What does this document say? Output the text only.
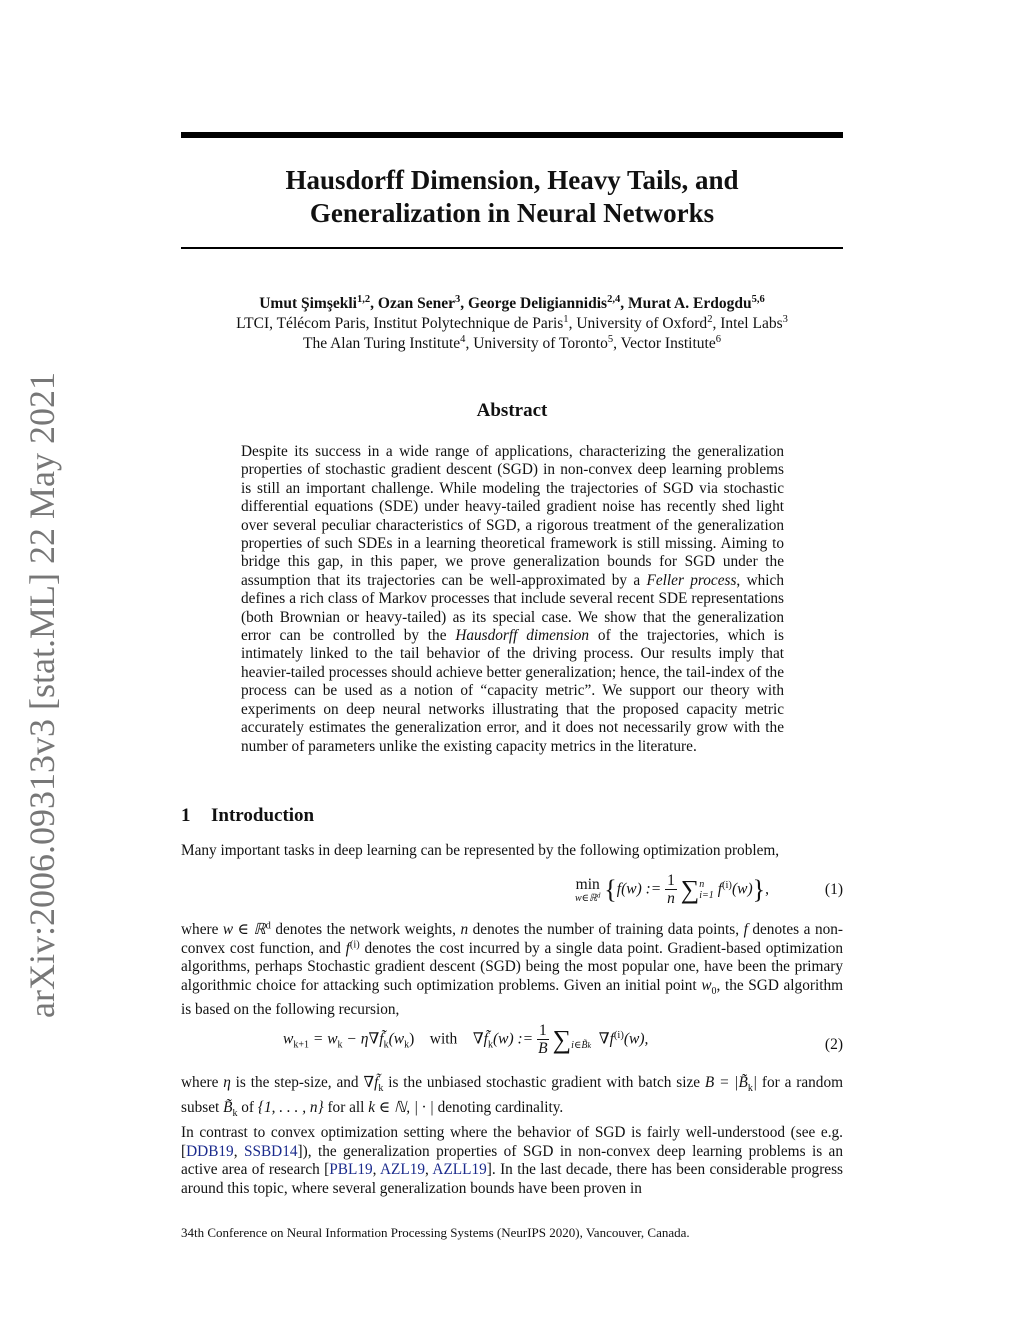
arXiv:2006.09313v3 [stat.ML] 22 May 2021
Hausdorff Dimension, Heavy Tails, and
Generalization in Neural Networks
Umut Şimşekli$^{1,2}$, Ozan Sener$^3$, George Deligiannidis$^{2,4}$, Murat A. Erdogdu$^{5,6}$
LTCI, Télécom Paris, Institut Polytechnique de Paris$^1$, University of Oxford$^2$, Intel Labs$^3$
The Alan Turing Institute$^4$, University of Toronto$^5$, Vector Institute$^6$
Abstract
Despite its success in a wide range of applications, characterizing the generalization properties of stochastic gradient descent (SGD) in non-convex deep learning problems is still an important challenge. While modeling the trajectories of SGD via stochastic differential equations (SDE) under heavy-tailed gradient noise has recently shed light over several peculiar characteristics of SGD, a rigorous treatment of the generalization properties of such SDEs in a learning theoretical framework is still missing. Aiming to bridge this gap, in this paper, we prove generalization bounds for SGD under the assumption that its trajectories can be well-approximated by a Feller process, which defines a rich class of Markov processes that include several recent SDE representations (both Brownian or heavy-tailed) as its special case. We show that the generalization error can be controlled by the Hausdorff dimension of the trajectories, which is intimately linked to the tail behavior of the driving process. Our results imply that heavier-tailed processes should achieve better generalization; hence, the tail-index of the process can be used as a notion of “capacity metric”. We support our theory with experiments on deep neural networks illustrating that the proposed capacity metric accurately estimates the generalization error, and it does not necessarily grow with the number of parameters unlike the existing capacity metrics in the literature.
1 Introduction
Many important tasks in deep learning can be represented by the following optimization problem,
min
w∈ℝ$^d$ {f(w) := $\frac{1}{n}$ ∑ n
i=1 $f^{(i)}(w)$},	(1)
where w ∈ ℝ$^d$ denotes the network weights, n denotes the number of training data points, f denotes a non-convex cost function, and $f^{(i)}$ denotes the cost incurred by a single data point. Gradient-based optimization algorithms, perhaps Stochastic gradient descent (SGD) being the most popular one, have been the primary algorithmic choice for attacking such optimization problems. Given an initial point $w_0$, the SGD algorithm is based on the following recursion,
$w_{k+1} = w_k$ − $\eta\nabla f̃_k(w_k)$ with $\nabla f̃_k(w)$ := $\frac{1}{B} \sum_{i\in B̃k}$ $\nabla f^{(i)}(w)$,	(2)
where η is the step-size, and $\nabla f̃_k$ is the unbiased stochastic gradient with batch size $B = |B̃_k|$ for a random subset $B̃_k$ of {1, . . . , n} for all k ∈ ℕ, | · | denoting cardinality.
In contrast to convex optimization setting where the behavior of SGD is fairly well-understood (see e.g. [DDB19, SSBD14]), the generalization properties of SGD in non-convex deep learning problems is an active area of research [PBL19, AZL19, AZLL19]. In the last decade, there has been considerable progress around this topic, where several generalization bounds have been proven in
34th Conference on Neural Information Processing Systems (NeurIPS 2020), Vancouver, Canada.
